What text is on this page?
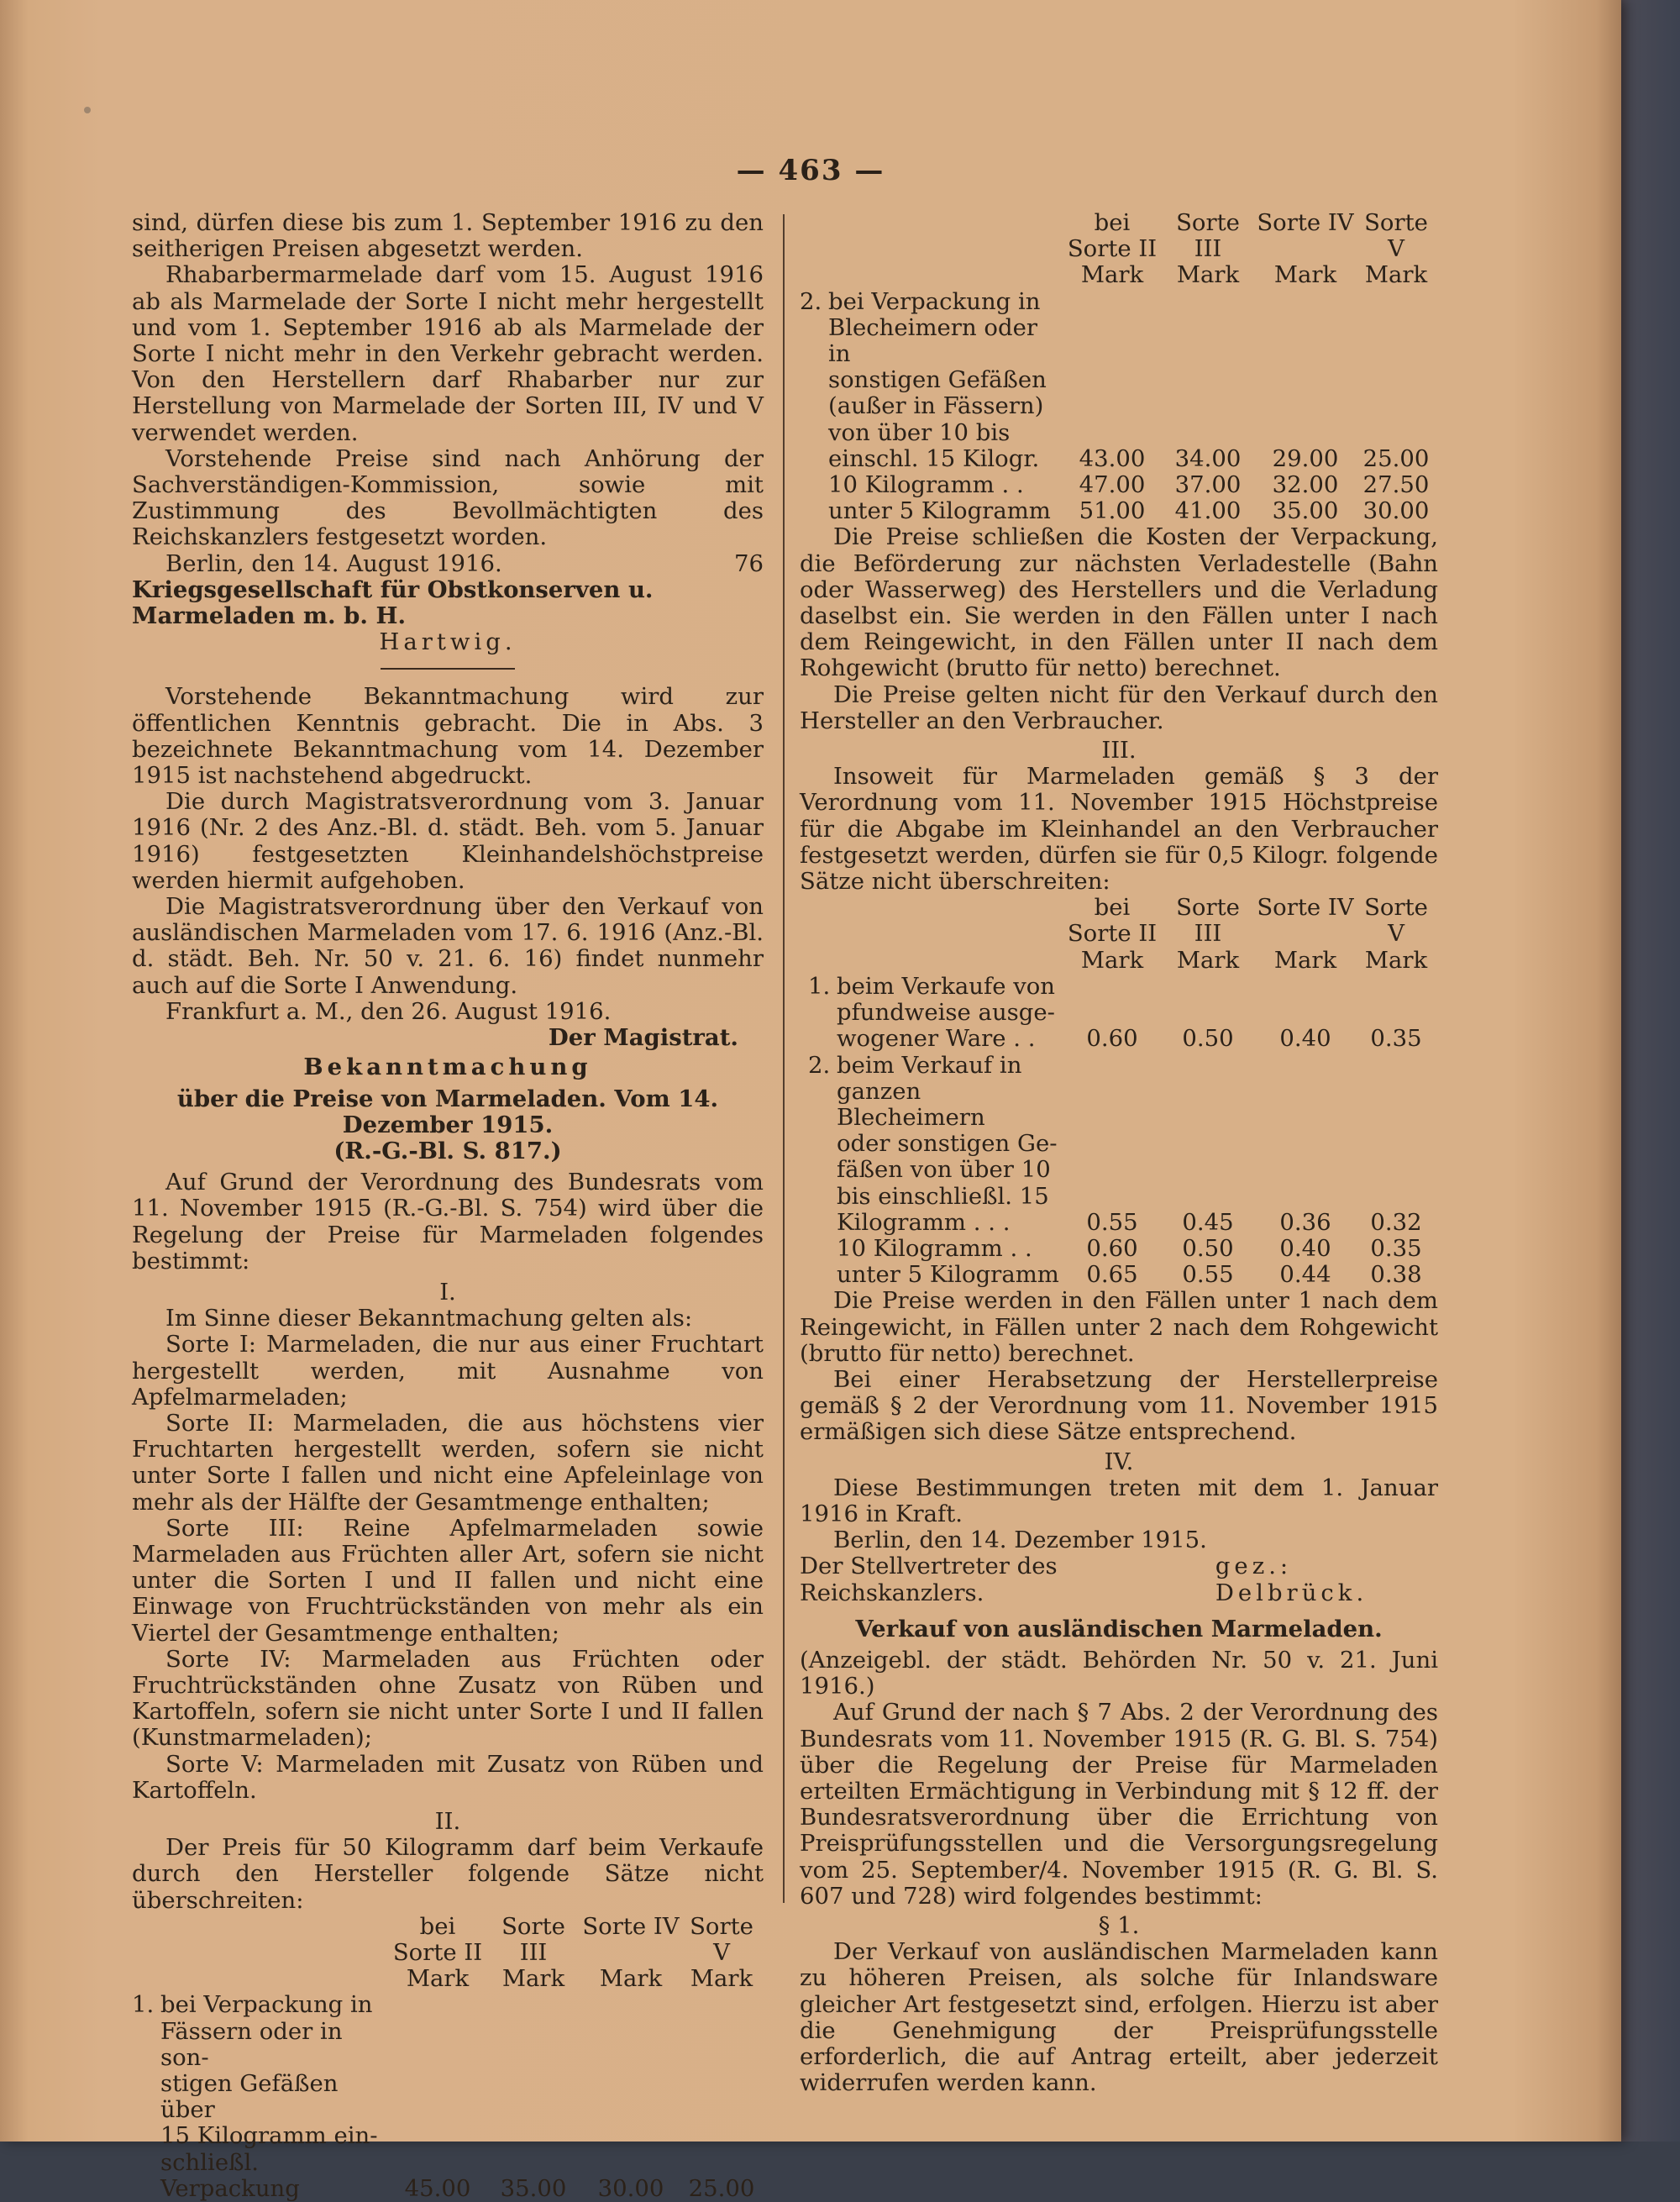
— 463 —

sind, dürfen diese bis zum 1. September 1916 zu den seitherigen Preisen abgesetzt werden.

Rhabarbermarmelade darf vom 15. August 1916 ab als Marmelade der Sorte I nicht mehr hergestellt und vom 1. September 1916 ab als Marmelade der Sorte I nicht mehr in den Verkehr gebracht werden. Von den Herstellern darf Rhabarber nur zur Herstellung von Marmelade der Sorten III, IV und V verwendet werden.

Vorstehende Preise sind nach Anhörung der Sachverständigen-Kommission, sowie mit Zustimmung des Bevollmächtigten des Reichskanzlers festgesetzt worden.

Berlin, den 14. August 1916.	76

Kriegsgesellschaft für Obstkonserven u. Marmeladen m. b. H.

Hartwig.

Vorstehende Bekanntmachung wird zur öffentlichen Kenntnis gebracht. Die in Abs. 3 bezeichnete Bekanntmachung vom 14. Dezember 1915 ist nachstehend abgedruckt.

Die durch Magistratsverordnung vom 3. Januar 1916 (Nr. 2 des Anz.-Bl. d. städt. Beh. vom 5. Januar 1916) festgesetzten Kleinhandelshöchstpreise werden hiermit aufgehoben.

Die Magistratsverordnung über den Verkauf von ausländischen Marmeladen vom 17. 6. 1916 (Anz.-Bl. d. städt. Beh. Nr. 50 v. 21. 6. 16) findet nunmehr auch auf die Sorte I Anwendung.

Frankfurt a. M., den 26. August 1916.

Der Magistrat.

Bekanntmachung

über die Preise von Marmeladen. Vom 14. Dezember 1915.

(R.-G.-Bl. S. 817.)

Auf Grund der Verordnung des Bundesrats vom 11. November 1915 (R.-G.-Bl. S. 754) wird über die Regelung der Preise für Marmeladen folgendes bestimmt:

I.

Im Sinne dieser Bekanntmachung gelten als:

Sorte I: Marmeladen, die nur aus einer Fruchtart hergestellt werden, mit Ausnahme von Apfelmarmeladen;

Sorte II: Marmeladen, die aus höchstens vier Fruchtarten hergestellt werden, sofern sie nicht unter Sorte I fallen und nicht eine Apfeleinlage von mehr als der Hälfte der Gesamtmenge enthalten;

Sorte III: Reine Apfelmarmeladen sowie Marmeladen aus Früchten aller Art, sofern sie nicht unter die Sorten I und II fallen und nicht eine Einwage von Fruchtrückständen von mehr als ein Viertel der Gesamtmenge enthalten;

Sorte IV: Marmeladen aus Früchten oder Fruchtrückständen ohne Zusatz von Rüben und Kartoffeln, sofern sie nicht unter Sorte I und II fallen (Kunstmarmeladen);

Sorte V: Marmeladen mit Zusatz von Rüben und Kartoffeln.

II.

Der Preis für 50 Kilogramm darf beim Verkaufe durch den Hersteller folgende Sätze nicht überschreiten:

bei Sorte II
Sorte III
Sorte IV Sorte V
Mark	Mark	Mark	Mark
1. bei Verpackung in
Fässern oder in son-
stigen Gefäßen über
15 Kilogramm ein-
schließl. Verpackung	45.00	35.00	30.00	25.00
bei Sorte II
Sorte III
Sorte IV Sorte V
Mark	Mark	Mark	Mark
2. bei Verpackung in
Blecheimern oder in
sonstigen Gefäßen
(außer in Fässern)
von über 10 bis
einschl. 15 Kilogr.	43.00	34.00	29.00	25.00
10 Kilogramm . .	47.00	37.00	32.00	27.50
unter 5 Kilogramm	51.00	41.00	35.00	30.00

Die Preise schließen die Kosten der Verpackung, die Beförderung zur nächsten Verladestelle (Bahn oder Wasserweg) des Herstellers und die Verladung daselbst ein. Sie werden in den Fällen unter I nach dem Reingewicht, in den Fällen unter II nach dem Rohgewicht (brutto für netto) berechnet.

Die Preise gelten nicht für den Verkauf durch den Hersteller an den Verbraucher.

III.

Insoweit für Marmeladen gemäß § 3 der Verordnung vom 11. November 1915 Höchstpreise für die Abgabe im Kleinhandel an den Verbraucher festgesetzt werden, dürfen sie für 0,5 Kilogr. folgende Sätze nicht überschreiten:

bei Sorte II
Sorte III
Sorte IV Sorte V
Mark	Mark	Mark	Mark
1. beim Verkaufe von
pfundweise ausge-
wogener Ware . .	0.60	0.50	0.40	0.35
2. beim Verkauf in
ganzen Blecheimern
oder sonstigen Ge-
fäßen von über 10
bis einschließl. 15
Kilogramm . . .	0.55	0.45	0.36	0.32
10 Kilogramm . .	0.60	0.50	0.40	0.35
unter 5 Kilogramm	0.65	0.55	0.44	0.38

Die Preise werden in den Fällen unter 1 nach dem Reingewicht, in Fällen unter 2 nach dem Rohgewicht (brutto für netto) berechnet.

Bei einer Herabsetzung der Herstellerpreise gemäß § 2 der Verordnung vom 11. November 1915 ermäßigen sich diese Sätze entsprechend.

IV.

Diese Bestimmungen treten mit dem 1. Januar 1916 in Kraft.

Berlin, den 14. Dezember 1915.

Der Stellvertreter des Reichskanzlers.
gez.: Delbrück.

Verkauf von ausländischen Marmeladen.

(Anzeigebl. der städt. Behörden Nr. 50 v. 21. Juni 1916.)

Auf Grund der nach § 7 Abs. 2 der Verordnung des Bundesrats vom 11. November 1915 (R. G. Bl. S. 754) über die Regelung der Preise für Marmeladen erteilten Ermächtigung in Verbindung mit § 12 ff. der Bundesratsverordnung über die Errichtung von Preisprüfungsstellen und die Versorgungsregelung vom 25. September/4. November 1915 (R. G. Bl. S. 607 und 728) wird folgendes bestimmt:

§ 1.

Der Verkauf von ausländischen Marmeladen kann zu höheren Preisen, als solche für Inlandsware gleicher Art festgesetzt sind, erfolgen. Hierzu ist aber die Genehmigung der Preisprüfungsstelle erforderlich, die auf Antrag erteilt, aber jederzeit widerrufen werden kann.
